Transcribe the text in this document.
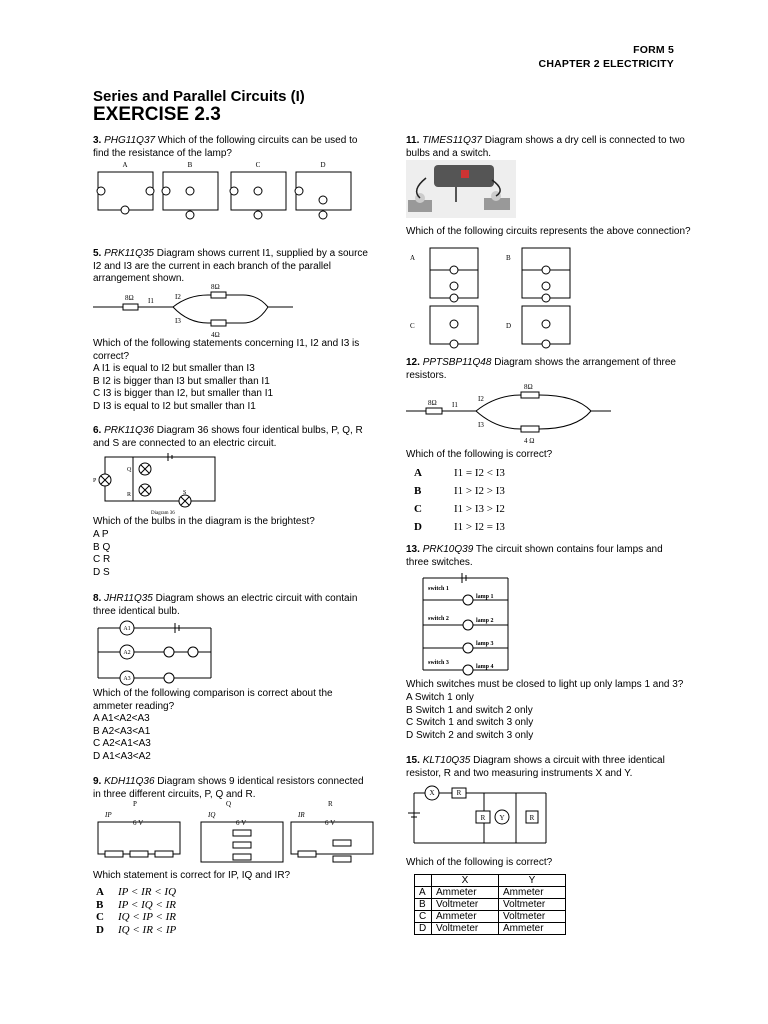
FORM 5
CHAPTER 2 ELECTRICITY
Series and Parallel Circuits (I)
EXERCISE 2.3
3. PHG11Q37 Which of the following circuits can be used to find the resistance of the lamp?
A	B	C	D
5. PRK11Q35 Diagram shows current I1, supplied by a source
I2 and I3 are the current in each branch of the parallel
arrangement shown.
8Ω
8Ω
4Ω
I1	I2
I3
Which of the following statements concerning I1, I2 and I3 is
correct?
A I1 is equal to I2 but smaller than I3
B I2 is bigger than I3 but smaller than I1
C I3 is bigger than I2, but smaller than I1
D I3 is equal to I2 but smaller than I1
6. PRK11Q36 Diagram 36 shows four identical bulbs, P, Q, R
and S are connected to an electric circuit.
P
Q
R	S
Diagram 36
Which of the bulbs in the diagram is the brightest?
A P
B Q
C R
D S
8. JHR11Q35 Diagram shows an electric circuit with contain
three identical bulb.
A1
A2
A3
Which of the following comparison is correct about the
ammeter reading?
A A1<A2<A3
B A2<A3<A1
C A2<A1<A3
D A1<A3<A2
9. KDH11Q36 Diagram shows 9 identical resistors connected
in three different circuits, P, Q and R.
P	Q	R
IP	IQ	IR
6 V	6 V	6 V
Which statement is correct for IP, IQ and IR?
A	IP < IR < IQ
B	IP < IQ < IR
C	IQ < IP < IR
D	IQ < IR < IP
11. TIMES11Q37 Diagram shows a dry cell is connected to two
bulbs and a switch.
Which of the following circuits represents the above connection?
A	B
C	D
12. PPTSBP11Q48 Diagram shows the arrangement of three
resistors.
8Ω
8Ω
4 Ω
I1
I2
I3
Which of the following is correct?
A	I1 = I2 < I3
B	I1 > I2 > I3
C	I1 > I3 > I2
D	I1 > I2 = I3
13. PRK10Q39 The circuit shown contains four lamps and
three switches.
switch 1
switch 2
switch 3
lamp 1
lamp 2
lamp 3
lamp 4
Which switches must be closed to light up only lamps 1 and 3?
A Switch 1 only
B Switch 1 and switch 2 only
C Switch 1 and switch 3 only
D Switch 2 and switch 3 only
15. KLT10Q35 Diagram shows a circuit with three identical
resistor, R and two measuring instruments X and Y.
X	R
R Y	R
Which of the following is correct?
	X	Y
A	Ammeter	Ammeter
B	Voltmeter	Voltmeter
C	Ammeter	Voltmeter
D	Voltmeter	Ammeter
